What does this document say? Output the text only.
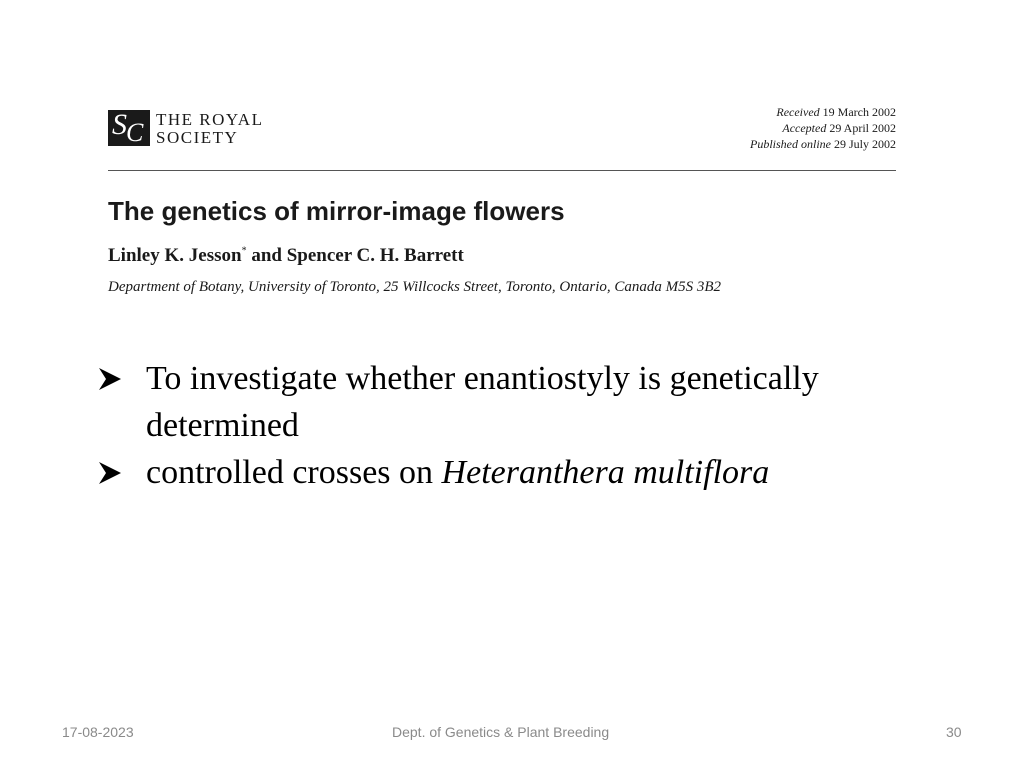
S C THE ROYAL
SOCIETY
Received 19 March 2002
Accepted 29 April 2002
Published online 29 July 2002
The genetics of mirror-image flowers
Linley K. Jesson* and Spencer C. H. Barrett
Department of Botany, University of Toronto, 25 Willcocks Street, Toronto, Ontario, Canada M5S 3B2
To investigate whether enantiostyly is genetically determined
controlled crosses on Heteranthera multiflora
17-08-2023	Dept. of Genetics & Plant Breeding	30
